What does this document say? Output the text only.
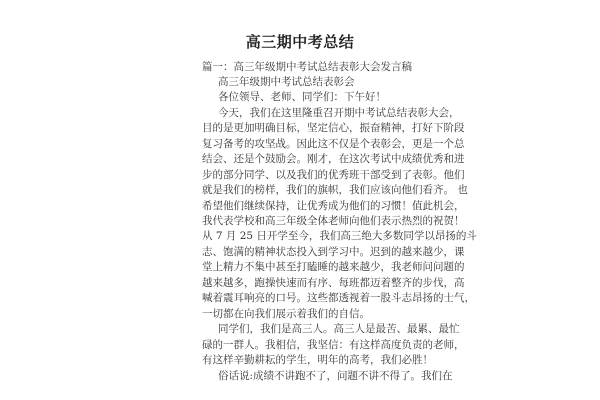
高三期中考总结
篇一：高三年级期中考试总结表彰大会发言稿
高三年级期中考试总结表彰会
各位领导、老师、同学们：下午好！
今天，我们在这里隆重召开期中考试总结表彰大会，
目的是更加明确目标，坚定信心，振奋精神，打好下阶段
复习备考的攻坚战。因此这不仅是个表彰会，更是一个总
结会、还是个鼓励会。刚才，在这次考试中成绩优秀和进
步的部分同学、以及我们的优秀班干部受到了表彰。他们
就是我们的榜样，我们的旗帜，我们应该向他们看齐。 也
希望他们继续保持，让优秀成为他们的习惯！值此机会，
我代表学校和高三年级全体老师向他们表示热烈的祝贺！
从 7 月 25 日开学至今，我们高三绝大多数同学以昂扬的斗
志、饱满的精神状态投入到学习中。迟到的越来越少，课
堂上精力不集中甚至打瞌睡的越来越少，我老师问问题的
越来越多，跑操快速而有序、每班都迈着整齐的步伐，高
喊着震耳响亮的口号。这些都透视着一股斗志昂扬的士气，
一切都在向我们展示着我们的自信。
同学们，我们是高三人。高三人是最苦、最累、最忙
碌的一群人。我相信，我坚信：有这样高度负责的老师，
有这样辛勤耕耘的学生，明年的高考，我们必胜！
俗话说:成绩不讲跑不了，问题不讲不得了。我们在
